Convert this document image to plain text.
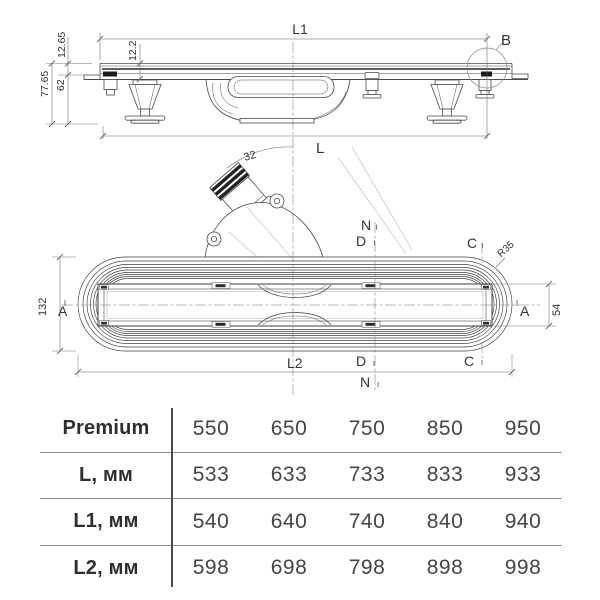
B
L1
12.65
77.65 62
12.2
32	L
132	54
L2
R35
A	A
N
D	C
D
N
C
Premium	550	650	750	850	950
L, мм	533	633	733	833	933
L1, мм	540	640	740	840	940
L2, мм	598	698	798	898	998
